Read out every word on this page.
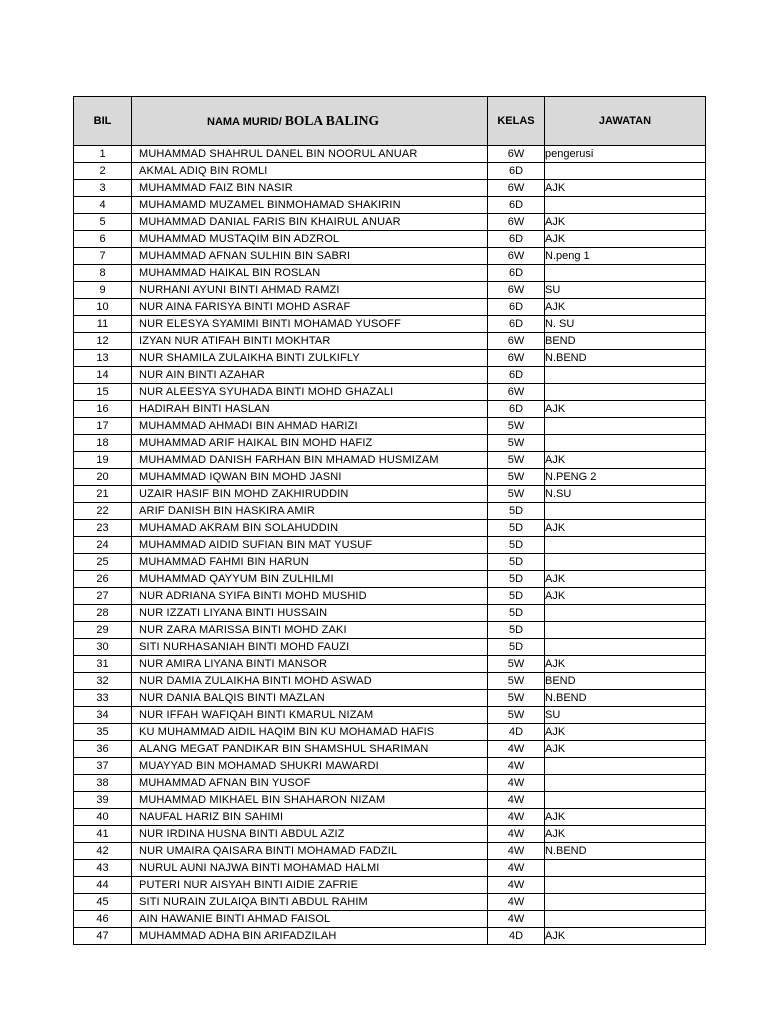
BIL	NAMA MURID/ BOLA BALING	KELAS	JAWATAN
1	MUHAMMAD SHAHRUL DANEL BIN NOORUL ANUAR	6W	pengerusi
2	AKMAL ADIQ BIN ROMLI	6D	
3	MUHAMMAD FAIZ BIN NASIR	6W	AJK
4	MUHAMAMD MUZAMEL BINMOHAMAD SHAKIRIN	6D	
5	MUHAMMAD DANIAL FARIS BIN KHAIRUL ANUAR	6W	AJK
6	MUHAMMAD MUSTAQIM BIN ADZROL	6D	AJK
7	MUHAMMAD AFNAN SULHIN BIN SABRI	6W	N.peng 1
8	MUHAMMAD HAIKAL BIN ROSLAN	6D	
9	NURHANI AYUNI BINTI AHMAD RAMZI	6W	SU
10	NUR AINA FARISYA BINTI MOHD ASRAF	6D	AJK
11	NUR ELESYA SYAMIMI BINTI MOHAMAD YUSOFF	6D	N. SU
12	IZYAN NUR ATIFAH BINTI MOKHTAR	6W	BEND
13	NUR SHAMILA ZULAIKHA BINTI ZULKIFLY	6W	N.BEND
14	NUR AIN BINTI AZAHAR	6D	
15	NUR ALEESYA SYUHADA BINTI MOHD GHAZALI	6W	
16	HADIRAH BINTI HASLAN	6D	AJK
17	MUHAMMAD AHMADI BIN AHMAD HARIZI	5W	
18	MUHAMMAD ARIF HAIKAL BIN MOHD HAFIZ	5W	
19	MUHAMMAD DANISH FARHAN BIN MHAMAD HUSMIZAM	5W	AJK
20	MUHAMMAD IQWAN BIN MOHD JASNI	5W	N.PENG 2
21	UZAIR HASIF BIN MOHD ZAKHIRUDDIN	5W	N.SU
22	ARIF DANISH BIN HASKIRA AMIR	5D	
23	MUHAMAD AKRAM BIN SOLAHUDDIN	5D	AJK
24	MUHAMMAD AIDID SUFIAN BIN MAT YUSUF	5D	
25	MUHAMMAD FAHMI BIN HARUN	5D	
26	MUHAMMAD QAYYUM BIN ZULHILMI	5D	AJK
27	NUR ADRIANA SYIFA BINTI MOHD MUSHID	5D	AJK
28	NUR IZZATI LIYANA BINTI HUSSAIN	5D	
29	NUR ZARA MARISSA BINTI MOHD ZAKI	5D	
30	SITI NURHASANIAH BINTI MOHD FAUZI	5D	
31	NUR AMIRA LIYANA BINTI MANSOR	5W	AJK
32	NUR DAMIA ZULAIKHA BINTI MOHD ASWAD	5W	BEND
33	NUR DANIA BALQIS BINTI MAZLAN	5W	N.BEND
34	NUR IFFAH WAFIQAH BINTI KMARUL NIZAM	5W	SU
35	KU MUHAMMAD AIDIL HAQIM BIN KU MOHAMAD HAFIS	4D	AJK
36	ALANG MEGAT PANDIKAR BIN SHAMSHUL SHARIMAN	4W	AJK
37	MUAYYAD BIN MOHAMAD SHUKRI MAWARDI	4W	
38	MUHAMMAD AFNAN BIN YUSOF	4W	
39	MUHAMMAD MIKHAEL BIN SHAHARON NIZAM	4W	
40	NAUFAL HARIZ BIN SAHIMI	4W	AJK
41	NUR IRDINA HUSNA BINTI ABDUL AZIZ	4W	AJK
42	NUR UMAIRA QAISARA BINTI MOHAMAD FADZIL	4W	N.BEND
43	NURUL AUNI NAJWA BINTI MOHAMAD HALMI	4W	
44	PUTERI NUR AISYAH BINTI AIDIE ZAFRIE	4W	
45	SITI NURAIN ZULAIQA BINTI ABDUL RAHIM	4W	
46	AIN HAWANIE BINTI AHMAD FAISOL	4W	
47	MUHAMMAD ADHA BIN ARIFADZILAH	4D	AJK
